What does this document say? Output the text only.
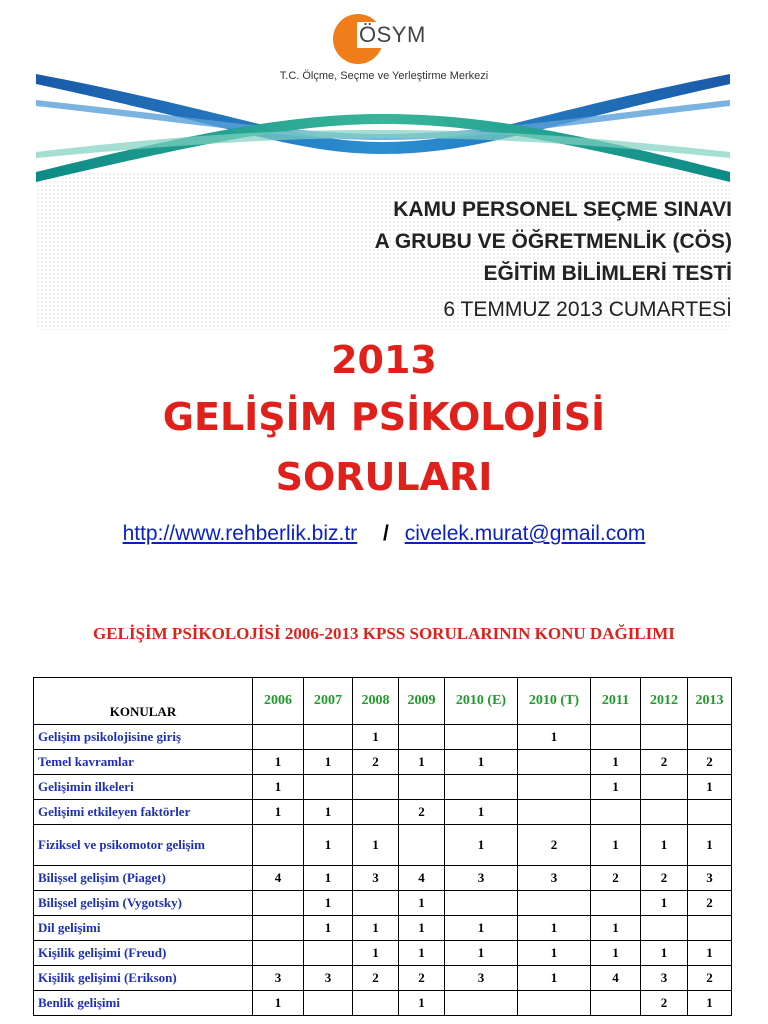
ÖSYM
T.C. Ölçme, Seçme ve Yerleştirme Merkezi
KAMU PERSONEL SEÇME SINAVI
A GRUBU VE ÖĞRETMENLİK (CÖS)
EĞİTİM BİLİMLERİ TESTİ
6 TEMMUZ 2013 CUMARTESİ
2013
GELİŞİM PSİKOLOJİSİ
SORULARI
http://www.rehberlik.biz.tr / civelek.murat@gmail.com
GELİŞİM PSİKOLOJİSİ 2006-2013 KPSS SORULARININ KONU DAĞILIMI
KONULAR	2006	2007	2008	2009	2010 (E)	2010 (T)	2011	2012	2013
Gelişim psikolojisine giriş			1			1			
Temel kavramlar	1	1	2	1	1		1	2	2
Gelişimin ilkeleri	1						1		1
Gelişimi etkileyen faktörler	1	1		2	1				
Fiziksel ve psikomotor gelişim		1	1		1	2	1	1	1
Bilişsel gelişim (Piaget)	4	1	3	4	3	3	2	2	3
Bilişsel gelişim (Vygotsky)		1		1				1	2
Dil gelişimi		1	1	1	1	1	1		
Kişilik gelişimi (Freud)			1	1	1	1	1	1	1
Kişilik gelişimi (Erikson)	3	3	2	2	3	1	4	3	2
Benlik gelişimi	1			1				2	1
